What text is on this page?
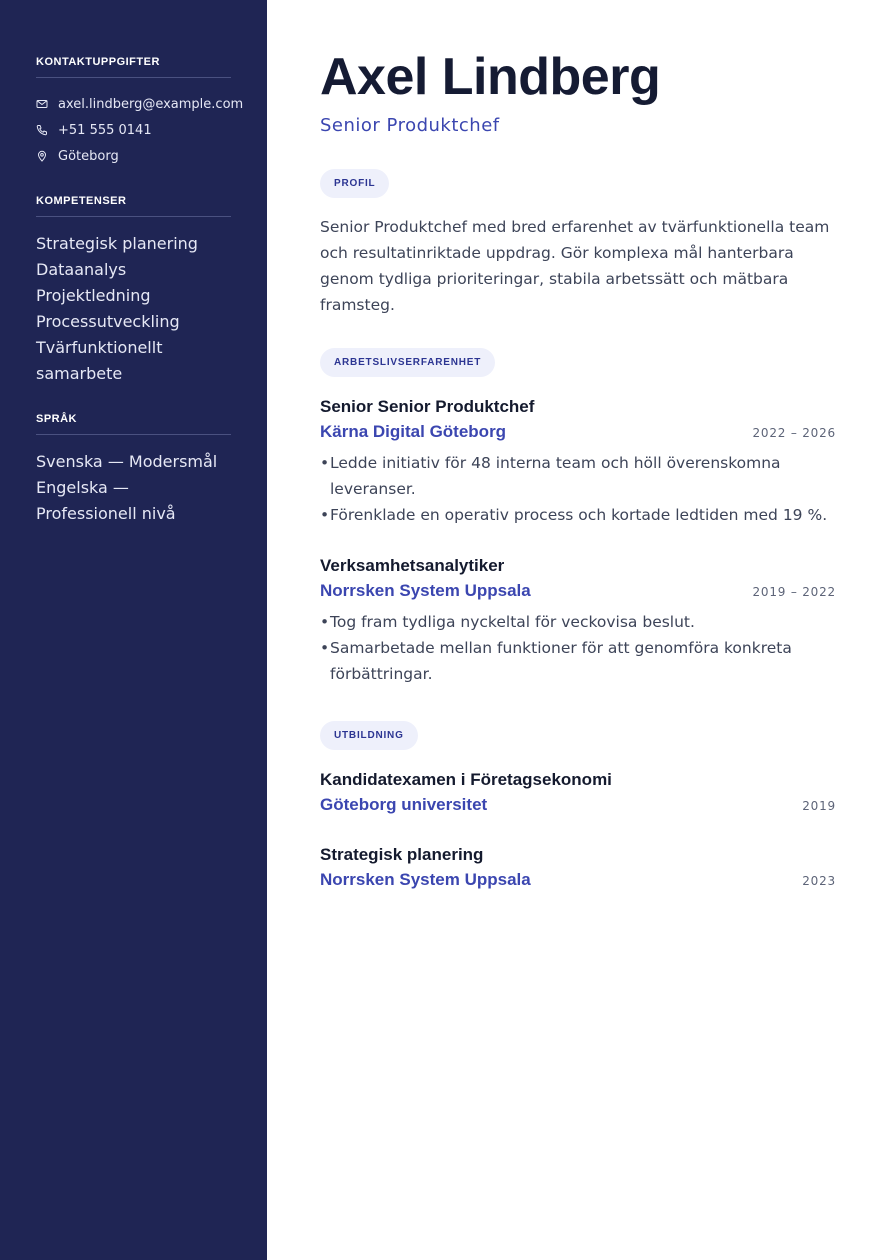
KONTAKTUPPGIFTER
axel.lindberg@example.com
+51 555 0141
Göteborg
KOMPETENSER
Strategisk planering
Dataanalys
Projektledning
Processutveckling
Tvärfunktionellt samarbete
SPRÅK
Svenska — Modersmål
Engelska — Professionell nivå
Axel Lindberg
Senior Produktchef
PROFIL

Senior Produktchef med bred erfarenhet av tvärfunktionella team och resultatinriktade uppdrag. Gör komplexa mål hanterbara genom tydliga prioriteringar, stabila arbetssätt och mätbara framsteg.

ARBETSLIVSERFARENHET
Senior Senior Produktchef
Kärna Digital Göteborg	2022 – 2026
• Ledde initiativ för 48 interna team och höll överenskomna leveranser.
• Förenklade en operativ process och kortade ledtiden med 19 %.
Verksamhetsanalytiker
Norrsken System Uppsala	2019 – 2022
• Tog fram tydliga nyckeltal för veckovisa beslut.
• Samarbetade mellan funktioner för att genomföra konkreta förbättringar.
UTBILDNING
Kandidatexamen i Företagsekonomi
Göteborg universitet	2019
Strategisk planering
Norrsken System Uppsala	2023
